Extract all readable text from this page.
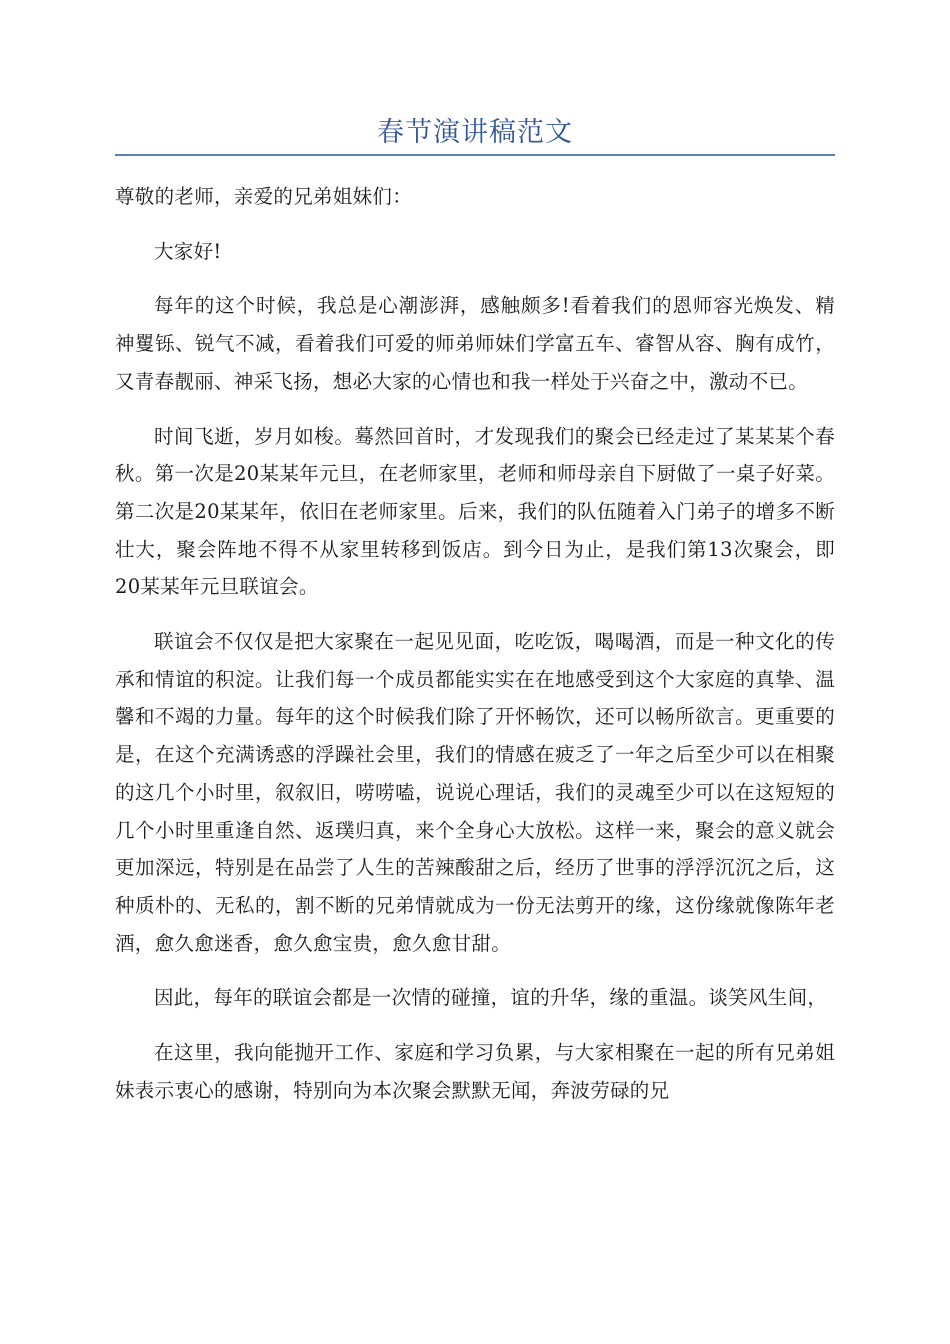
春节演讲稿范文

尊敬的老师，亲爱的兄弟姐妹们：

大家好!

每年的这个时候，我总是心潮澎湃，感触颇多!看着我们的恩师容光焕发、精神矍铄、锐气不减，看着我们可爱的师弟师妹们学富五车、睿智从容、胸有成竹，又青春靓丽、神采飞扬，想必大家的心情也和我一样处于兴奋之中，激动不已。

时间飞逝，岁月如梭。蓦然回首时，才发现我们的聚会已经走过了某某某个春秋。第一次是20某某年元旦，在老师家里，老师和师母亲自下厨做了一桌子好菜。第二次是20某某年，依旧在老师家里。后来，我们的队伍随着入门弟子的增多不断壮大，聚会阵地不得不从家里转移到饭店。到今日为止，是我们第13次聚会，即20某某年元旦联谊会。

联谊会不仅仅是把大家聚在一起见见面，吃吃饭，喝喝酒，而是一种文化的传承和情谊的积淀。让我们每一个成员都能实实在在地感受到这个大家庭的真挚、温馨和不竭的力量。每年的这个时候我们除了开怀畅饮，还可以畅所欲言。更重要的是，在这个充满诱惑的浮躁社会里，我们的情感在疲乏了一年之后至少可以在相聚的这几个小时里，叙叙旧，唠唠嗑，说说心理话，我们的灵魂至少可以在这短短的几个小时里重逢自然、返璞归真，来个全身心大放松。这样一来，聚会的意义就会更加深远，特别是在品尝了人生的苦辣酸甜之后，经历了世事的浮浮沉沉之后，这种质朴的、无私的，割不断的兄弟情就成为一份无法剪开的缘，这份缘就像陈年老酒，愈久愈迷香，愈久愈宝贵，愈久愈甘甜。

因此，每年的联谊会都是一次情的碰撞，谊的升华，缘的重温。谈笑风生间，

在这里，我向能抛开工作、家庭和学习负累，与大家相聚在一起的所有兄弟姐妹表示衷心的感谢，特别向为本次聚会默默无闻，奔波劳碌的兄
